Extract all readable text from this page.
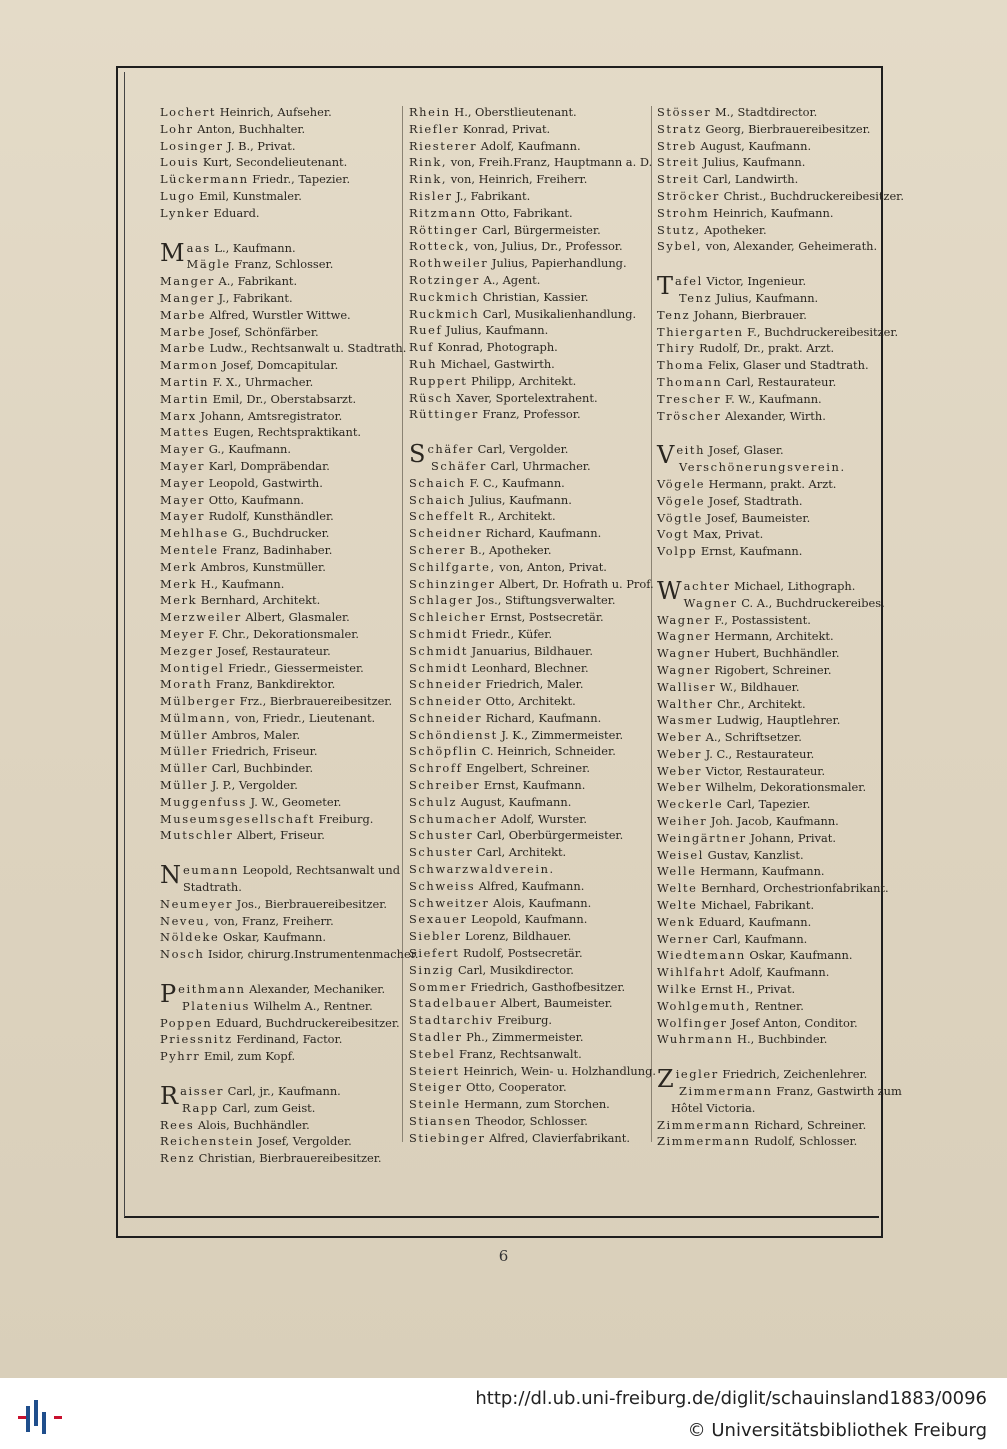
Lochert Heinrich, Aufseher.
Lohr Anton, Buchhalter.
Losinger J. B., Privat.
Louis Kurt, Secondelieutenant.
Lückermann Friedr., Tapezier.
Lugo Emil, Kunstmaler.
Lynker Eduard.
Maas L., Kaufmann.
Mägle Franz, Schlosser.
Manger A., Fabrikant.
Manger J., Fabrikant.
Marbe Alfred, Wurstler Wittwe.
Marbe Josef, Schönfärber.
Marbe Ludw., Rechtsanwalt u. Stadtrath.
Marmon Josef, Domcapitular.
Martin F. X., Uhrmacher.
Martin Emil, Dr., Oberstabsarzt.
Marx Johann, Amtsregistrator.
Mattes Eugen, Rechtspraktikant.
Mayer G., Kaufmann.
Mayer Karl, Dompräbendar.
Mayer Leopold, Gastwirth.
Mayer Otto, Kaufmann.
Mayer Rudolf, Kunsthändler.
Mehlhase G., Buchdrucker.
Mentele Franz, Badinhaber.
Merk Ambros, Kunstmüller.
Merk H., Kaufmann.
Merk Bernhard, Architekt.
Merzweiler Albert, Glasmaler.
Meyer F. Chr., Dekorationsmaler.
Mezger Josef, Restaurateur.
Montigel Friedr., Giessermeister.
Morath Franz, Bankdirektor.
Mülberger Frz., Bierbrauereibesitzer.
Mülmann, von, Friedr., Lieutenant.
Müller Ambros, Maler.
Müller Friedrich, Friseur.
Müller Carl, Buchbinder.
Müller J. P., Vergolder.
Muggenfuss J. W., Geometer.
Museumsgesellschaft Freiburg.
Mutschler Albert, Friseur.
Neumann Leopold, Rechtsanwalt und
Stadtrath.
Neumeyer Jos., Bierbrauereibesitzer.
Neveu, von, Franz, Freiherr.
Nöldeke Oskar, Kaufmann.
Nosch Isidor, chirurg.Instrumentenmacher.
Peithmann Alexander, Mechaniker.
Platenius Wilhelm A., Rentner.
Poppen Eduard, Buchdruckereibesitzer.
Priessnitz Ferdinand, Factor.
Pyhrr Emil, zum Kopf.
Raisser Carl, jr., Kaufmann.
Rapp Carl, zum Geist.
Rees Alois, Buchhändler.
Reichenstein Josef, Vergolder.
Renz Christian, Bierbrauereibesitzer.
Rhein H., Oberstlieutenant.
Riefler Konrad, Privat.
Riesterer Adolf, Kaufmann.
Rink, von, Freih.Franz, Hauptmann a. D.
Rink, von, Heinrich, Freiherr.
Risler J., Fabrikant.
Ritzmann Otto, Fabrikant.
Röttinger Carl, Bürgermeister.
Rotteck, von, Julius, Dr., Professor.
Rothweiler Julius, Papierhandlung.
Rotzinger A., Agent.
Ruckmich Christian, Kassier.
Ruckmich Carl, Musikalienhandlung.
Ruef Julius, Kaufmann.
Ruf Konrad, Photograph.
Ruh Michael, Gastwirth.
Ruppert Philipp, Architekt.
Rüsch Xaver, Sportelextrahent.
Rüttinger Franz, Professor.
Schäfer Carl, Vergolder.
Schäfer Carl, Uhrmacher.
Schaich F. C., Kaufmann.
Schaich Julius, Kaufmann.
Scheffelt R., Architekt.
Scheidner Richard, Kaufmann.
Scherer B., Apotheker.
Schilfgarte, von, Anton, Privat.
Schinzinger Albert, Dr. Hofrath u. Prof.
Schlager Jos., Stiftungsverwalter.
Schleicher Ernst, Postsecretär.
Schmidt Friedr., Küfer.
Schmidt Januarius, Bildhauer.
Schmidt Leonhard, Blechner.
Schneider Friedrich, Maler.
Schneider Otto, Architekt.
Schneider Richard, Kaufmann.
Schöndienst J. K., Zimmermeister.
Schöpflin C. Heinrich, Schneider.
Schroff Engelbert, Schreiner.
Schreiber Ernst, Kaufmann.
Schulz August, Kaufmann.
Schumacher Adolf, Wurster.
Schuster Carl, Oberbürgermeister.
Schuster Carl, Architekt.
Schwarzwaldverein.
Schweiss Alfred, Kaufmann.
Schweitzer Alois, Kaufmann.
Sexauer Leopold, Kaufmann.
Siebler Lorenz, Bildhauer.
Siefert Rudolf, Postsecretär.
Sinzig Carl, Musikdirector.
Sommer Friedrich, Gasthofbesitzer.
Stadelbauer Albert, Baumeister.
Stadtarchiv Freiburg.
Stadler Ph., Zimmermeister.
Stebel Franz, Rechtsanwalt.
Steiert Heinrich, Wein- u. Holzhandlung.
Steiger Otto, Cooperator.
Steinle Hermann, zum Storchen.
Stiansen Theodor, Schlosser.
Stiebinger Alfred, Clavierfabrikant.
Stösser M., Stadtdirector.
Stratz Georg, Bierbrauereibesitzer.
Streb August, Kaufmann.
Streit Julius, Kaufmann.
Streit Carl, Landwirth.
Ströcker Christ., Buchdruckereibesitzer.
Strohm Heinrich, Kaufmann.
Stutz, Apotheker.
Sybel, von, Alexander, Geheimerath.
Tafel Victor, Ingenieur.
Tenz Julius, Kaufmann.
Tenz Johann, Bierbrauer.
Thiergarten F., Buchdruckereibesitzer.
Thiry Rudolf, Dr., prakt. Arzt.
Thoma Felix, Glaser und Stadtrath.
Thomann Carl, Restaurateur.
Trescher F. W., Kaufmann.
Tröscher Alexander, Wirth.
Veith Josef, Glaser.
Verschönerungsverein.
Vögele Hermann, prakt. Arzt.
Vögele Josef, Stadtrath.
Vögtle Josef, Baumeister.
Vogt Max, Privat.
Volpp Ernst, Kaufmann.
Wachter Michael, Lithograph.
Wagner C. A., Buchdruckereibes.
Wagner F., Postassistent.
Wagner Hermann, Architekt.
Wagner Hubert, Buchhändler.
Wagner Rigobert, Schreiner.
Walliser W., Bildhauer.
Walther Chr., Architekt.
Wasmer Ludwig, Hauptlehrer.
Weber A., Schriftsetzer.
Weber J. C., Restaurateur.
Weber Victor, Restaurateur.
Weber Wilhelm, Dekorationsmaler.
Weckerle Carl, Tapezier.
Weiher Joh. Jacob, Kaufmann.
Weingärtner Johann, Privat.
Weisel Gustav, Kanzlist.
Welle Hermann, Kaufmann.
Welte Bernhard, Orchestrionfabrikant.
Welte Michael, Fabrikant.
Wenk Eduard, Kaufmann.
Werner Carl, Kaufmann.
Wiedtemann Oskar, Kaufmann.
Wihlfahrt Adolf, Kaufmann.
Wilke Ernst H., Privat.
Wohlgemuth, Rentner.
Wolfinger Josef Anton, Conditor.
Wuhrmann H., Buchbinder.
Ziegler Friedrich, Zeichenlehrer.
Zimmermann Franz, Gastwirth zum
Hôtel Victoria.
Zimmermann Richard, Schreiner.
Zimmermann Rudolf, Schlosser.
6
http://dl.ub.uni-freiburg.de/diglit/schauinsland1883/0096
© Universitätsbibliothek Freiburg
